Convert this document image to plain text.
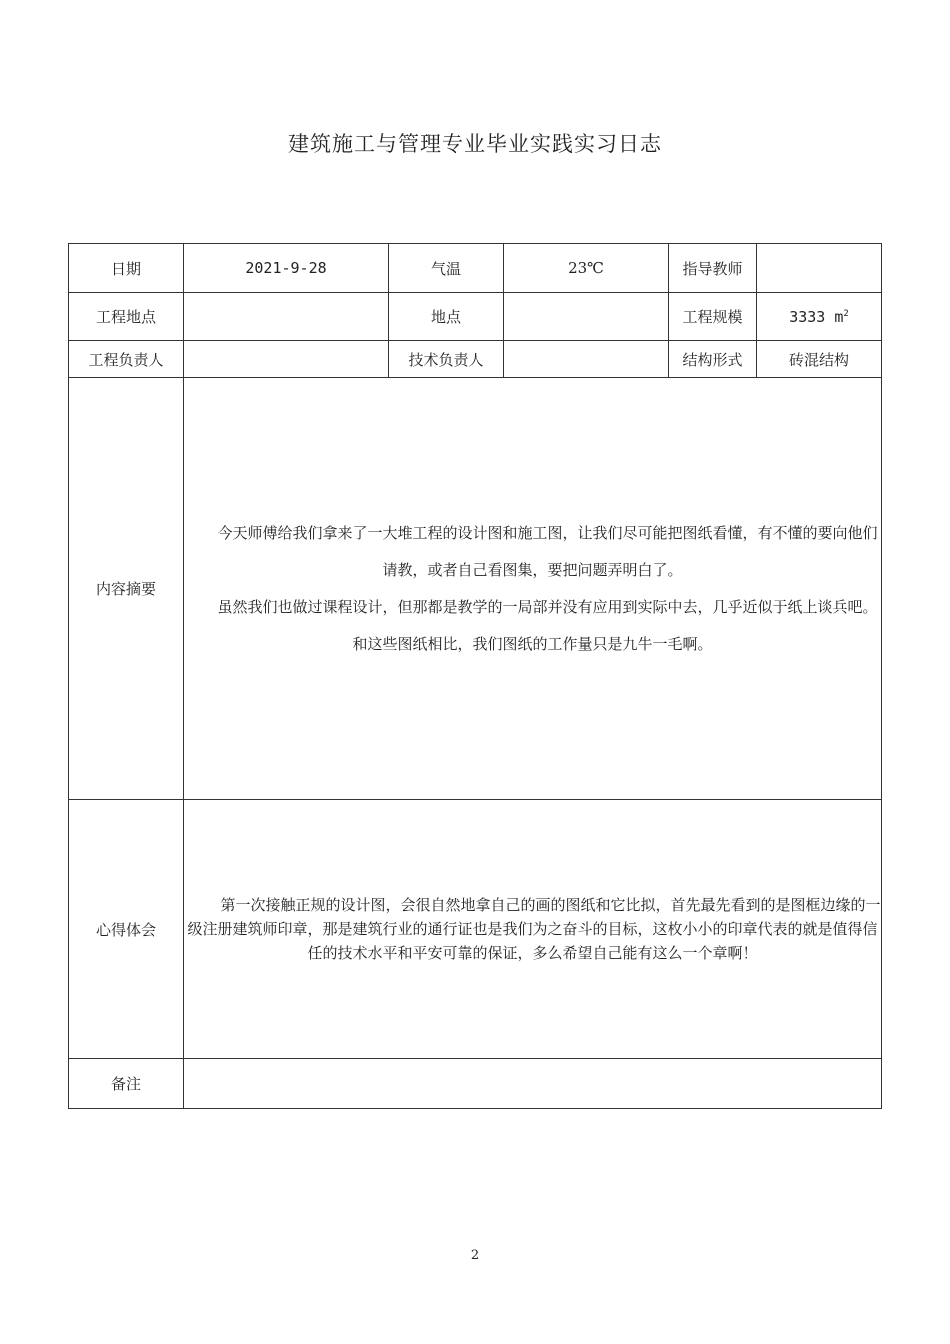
建筑施工与管理专业毕业实践实习日志
日期	2021-9-28	气温	23℃	指导教师	
工程地点		地点		工程规模	3333 $m^2$
工程负责人		技术负责人		结构形式	砖混结构
内容摘要	今天师傅给我们拿来了一大堆工程的设计图和施工图，让我们尽可能把图纸看懂，有不懂的要向他们请教，或者自己看图集，要把问题弄明白了。

虽然我们也做过课程设计，但那都是教学的一局部并没有应用到实际中去，几乎近似于纸上谈兵吧。和这些图纸相比，我们图纸的工作量只是九牛一毛啊。				

心得体会	第一次接触正规的设计图，会很自然地拿自己的画的图纸和它比拟，首先最先看到的是图框边缘的一级注册建筑师印章，那是建筑行业的通行证也是我们为之奋斗的目标，这枚小小的印章代表的就是值得信任的技术水平和平安可靠的保证，多么希望自己能有这么一个章啊！				

备注					
2
